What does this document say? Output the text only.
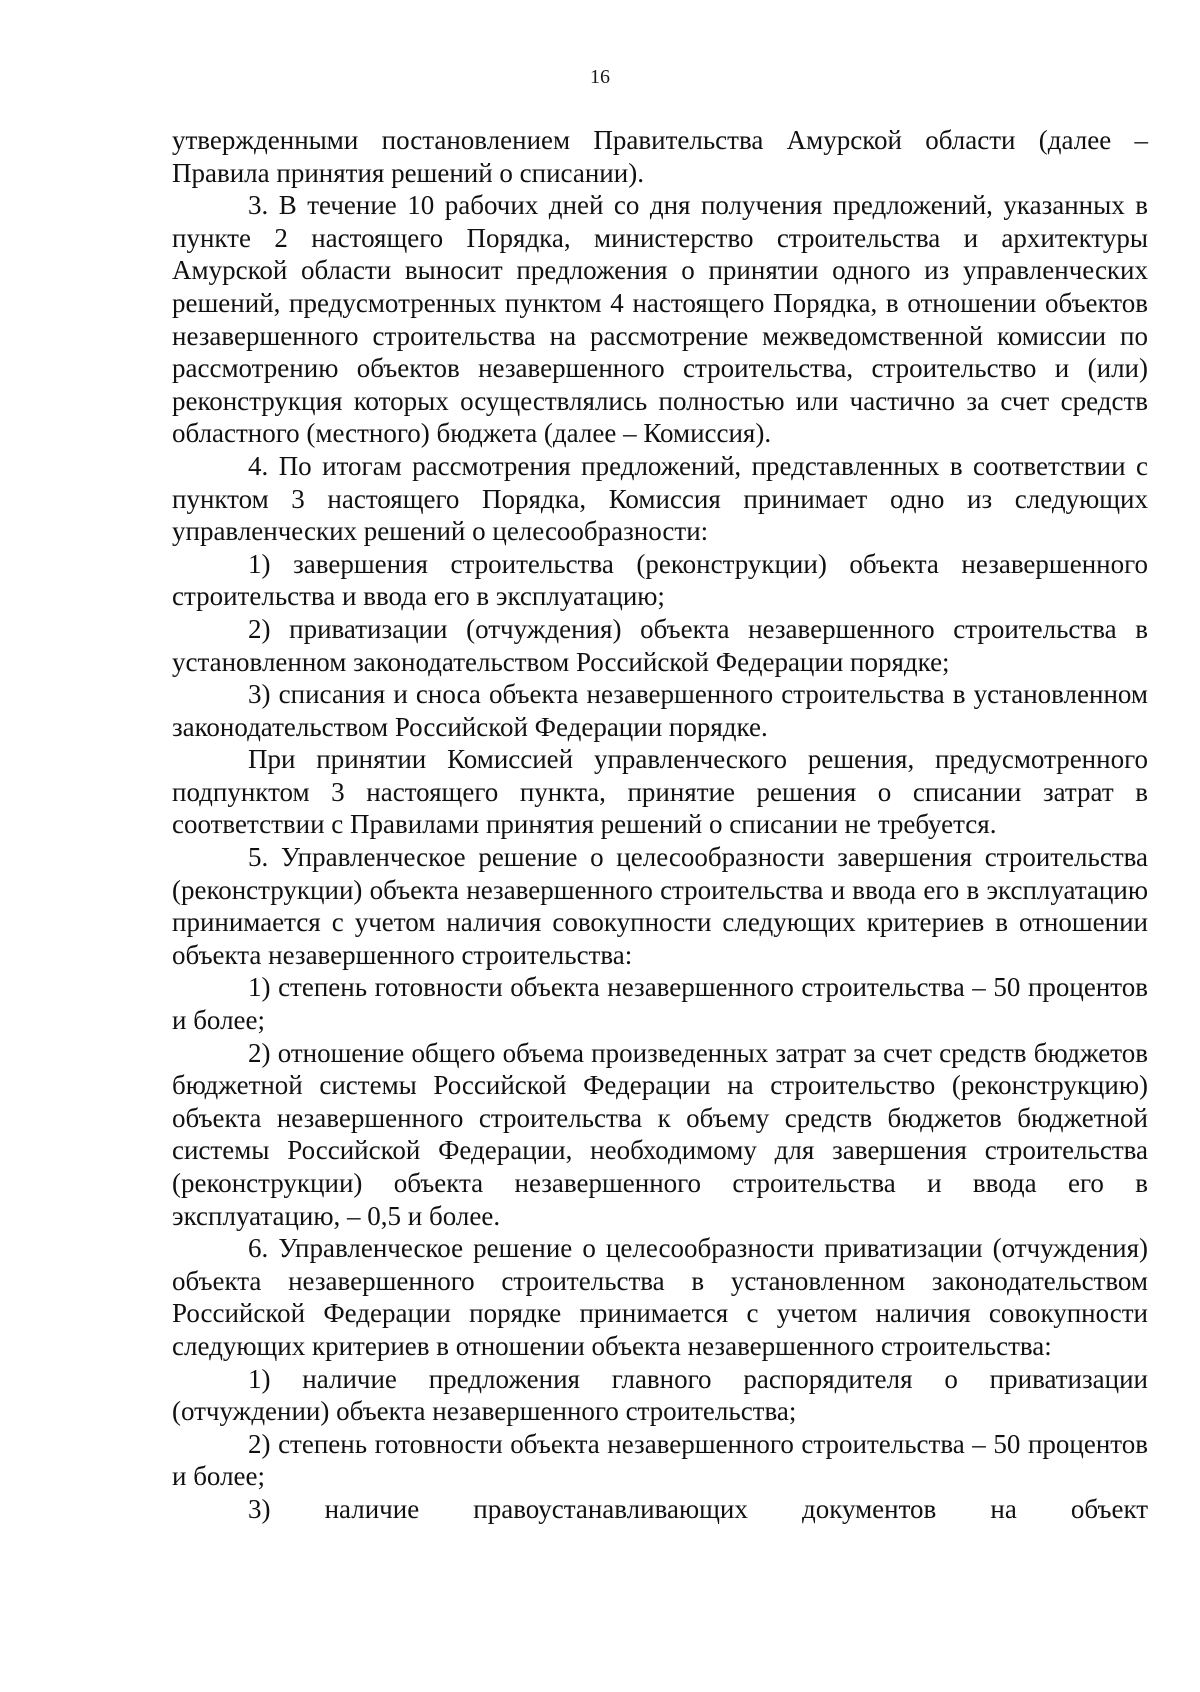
16

утвержденными постановлением Правительства Амурской области (далее – Правила принятия решений о списании).

3. В течение 10 рабочих дней со дня получения предложений, указанных в пункте 2 настоящего Порядка, министерство строительства и архитектуры Амурской области выносит предложения о принятии одного из управленческих решений, предусмотренных пунктом 4 настоящего Порядка, в отношении объектов незавершенного строительства на рассмотрение межведомственной комиссии по рассмотрению объектов незавершенного строительства, строительство и (или) реконструкция которых осуществлялись полностью или частично за счет средств областного (местного) бюджета (далее – Комиссия).

4. По итогам рассмотрения предложений, представленных в соответствии с пунктом 3 настоящего Порядка, Комиссия принимает одно из следующих управленческих решений о целесообразности:

1) завершения строительства (реконструкции) объекта незавершенного строительства и ввода его в эксплуатацию;

2) приватизации (отчуждения) объекта незавершенного строительства в установленном законодательством Российской Федерации порядке;

3) списания и сноса объекта незавершенного строительства в установленном законодательством Российской Федерации порядке.

При принятии Комиссией управленческого решения, предусмотренного подпунктом 3 настоящего пункта, принятие решения о списании затрат в соответствии с Правилами принятия решений о списании не требуется.

5. Управленческое решение о целесообразности завершения строительства (реконструкции) объекта незавершенного строительства и ввода его в эксплуатацию принимается с учетом наличия совокупности следующих критериев в отношении объекта незавершенного строительства:

1) степень готовности объекта незавершенного строительства – 50 процентов и более;

2) отношение общего объема произведенных затрат за счет средств бюджетов бюджетной системы Российской Федерации на строительство (реконструкцию) объекта незавершенного строительства к объему средств бюджетов бюджетной системы Российской Федерации, необходимому для завершения строительства (реконструкции) объекта незавершенного строительства и ввода его в эксплуатацию, – 0,5 и более.

6. Управленческое решение о целесообразности приватизации (отчуждения) объекта незавершенного строительства в установленном законодательством Российской Федерации порядке принимается с учетом наличия совокупности следующих критериев в отношении объекта незавершенного строительства:

1) наличие предложения главного распорядителя о приватизации (отчуждении) объекта незавершенного строительства;

2) степень готовности объекта незавершенного строительства – 50 процентов и более;

3) наличие правоустанавливающих документов на объект
